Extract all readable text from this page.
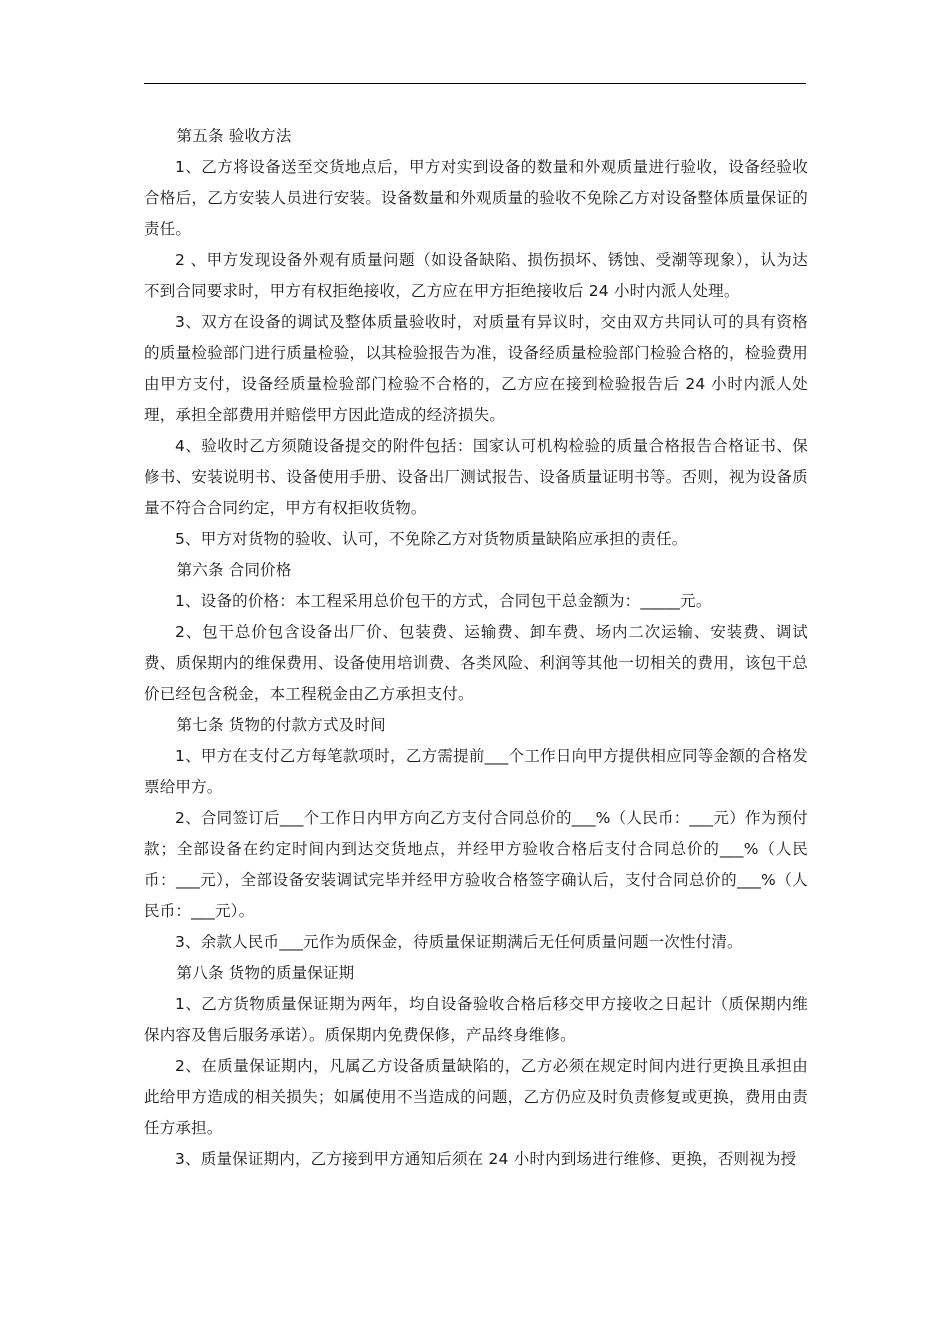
第五条 验收方法

1、乙方将设备送至交货地点后，甲方对实到设备的数量和外观质量进行验收，设备经验收合格后，乙方安装人员进行安装。设备数量和外观质量的验收不免除乙方对设备整体质量保证的责任。

2 、甲方发现设备外观有质量问题（如设备缺陷、损伤损坏、锈蚀、受潮等现象），认为达不到合同要求时，甲方有权拒绝接收，乙方应在甲方拒绝接收后 24 小时内派人处理。

3、双方在设备的调试及整体质量验收时，对质量有异议时，交由双方共同认可的具有资格的质量检验部门进行质量检验，以其检验报告为准，设备经质量检验部门检验合格的，检验费用由甲方支付，设备经质量检验部门检验不合格的，乙方应在接到检验报告后 24 小时内派人处理，承担全部费用并赔偿甲方因此造成的经济损失。

4、验收时乙方须随设备提交的附件包括：国家认可机构检验的质量合格报告合格证书、保修书、安装说明书、设备使用手册、设备出厂测试报告、设备质量证明书等。否则，视为设备质量不符合合同约定，甲方有权拒收货物。

5、甲方对货物的验收、认可，不免除乙方对货物质量缺陷应承担的责任。

第六条 合同价格

1、设备的价格：本工程采用总价包干的方式，合同包干总金额为：_____元。

2、包干总价包含设备出厂价、包装费、运输费、卸车费、场内二次运输、安装费、调试费、质保期内的维保费用、设备使用培训费、各类风险、利润等其他一切相关的费用，该包干总价已经包含税金，本工程税金由乙方承担支付。

第七条 货物的付款方式及时间

1、甲方在支付乙方每笔款项时，乙方需提前___个工作日向甲方提供相应同等金额的合格发票给甲方。

2、合同签订后___个工作日内甲方向乙方支付合同总价的___%（人民币：___元）作为预付款；全部设备在约定时间内到达交货地点，并经甲方验收合格后支付合同总价的___%（人民币：___元），全部设备安装调试完毕并经甲方验收合格签字确认后，支付合同总价的___%（人民币：___元）。

3、余款人民币___元作为质保金，待质量保证期满后无任何质量问题一次性付清。

第八条 货物的质量保证期

1、乙方货物质量保证期为两年，均自设备验收合格后移交甲方接收之日起计（质保期内维保内容及售后服务承诺）。质保期内免费保修，产品终身维修。

2、在质量保证期内，凡属乙方设备质量缺陷的，乙方必须在规定时间内进行更换且承担由此给甲方造成的相关损失；如属使用不当造成的问题，乙方仍应及时负责修复或更换，费用由责任方承担。

3、质量保证期内，乙方接到甲方通知后须在 24 小时内到场进行维修、更换，否则视为授
